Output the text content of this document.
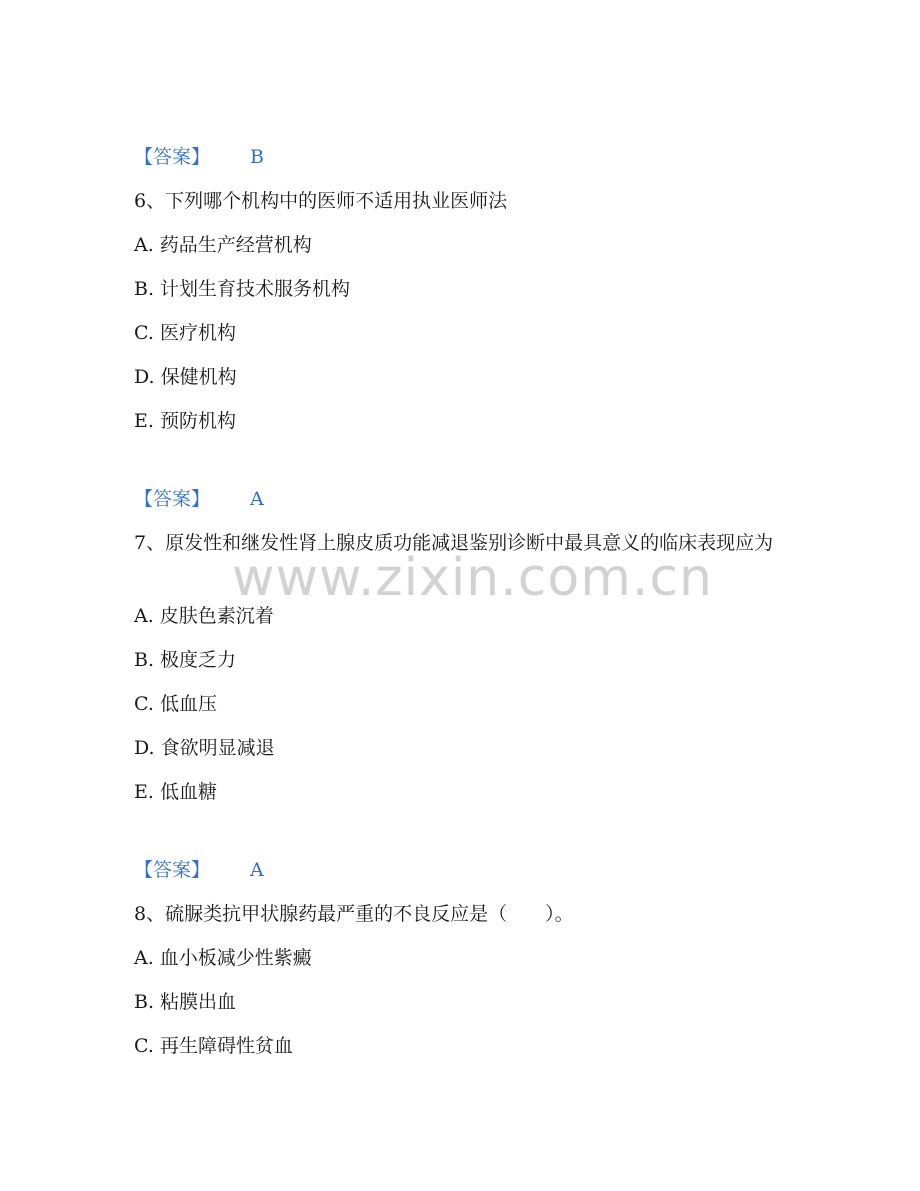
【答案】 B
6、下列哪个机构中的医师不适用执业医师法
A. 药品生产经营机构
B. 计划生育技术服务机构
C. 医疗机构
D. 保健机构
E. 预防机构
【答案】 A
7、原发性和继发性肾上腺皮质功能减退鉴别诊断中最具意义的临床表现应为
A. 皮肤色素沉着
B. 极度乏力
C. 低血压
D. 食欲明显减退
E. 低血糖
【答案】 A
8、硫脲类抗甲状腺药最严重的不良反应是（　　）。
A. 血小板减少性紫癜
B. 粘膜出血
C. 再生障碍性贫血
www.zixin.com.cn
